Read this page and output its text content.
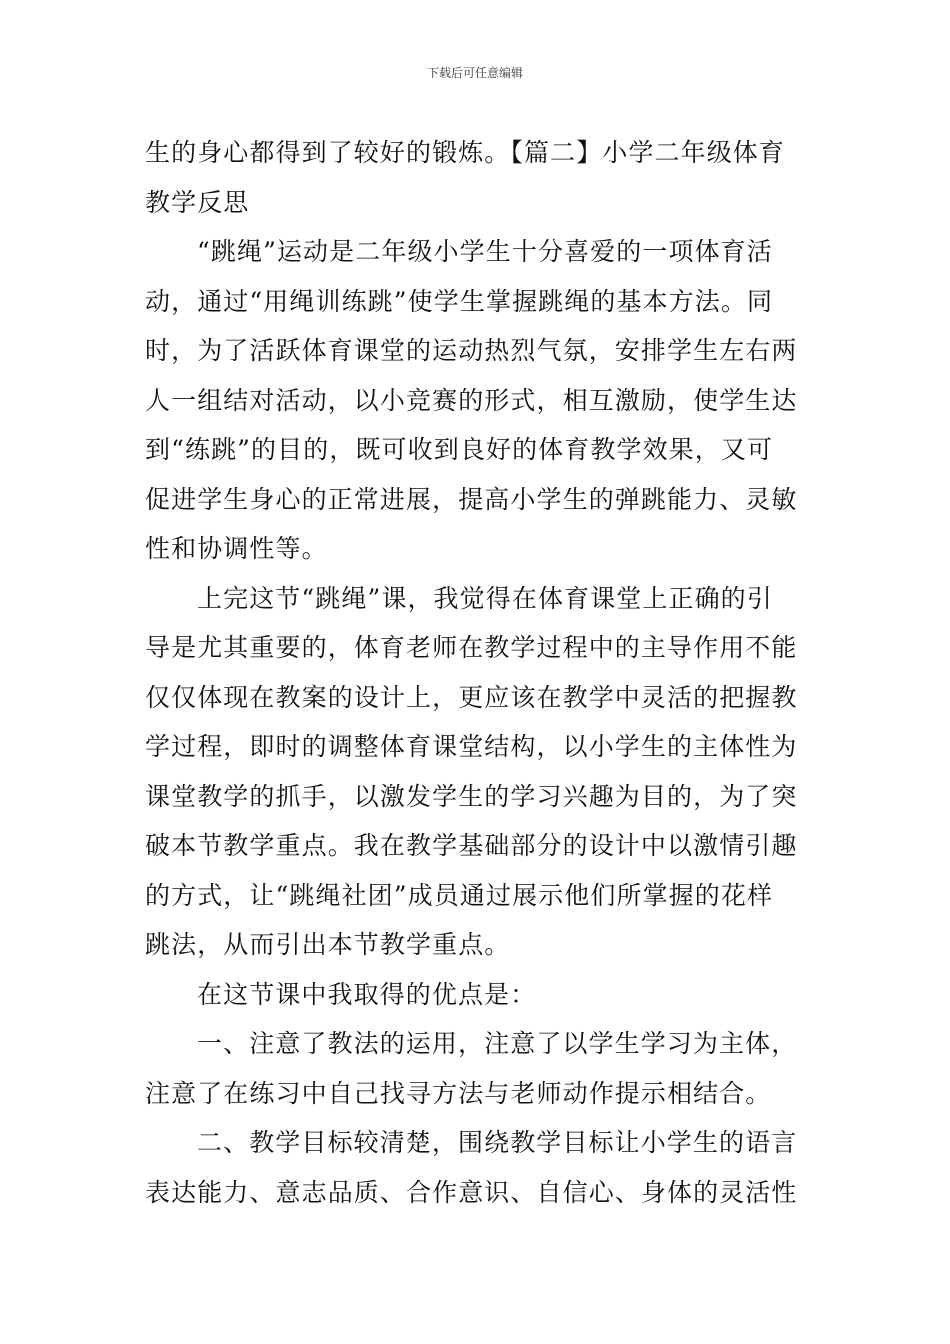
下载后可任意编辑
生的身心都得到了较好的锻炼。【篇二】小学二年级体育
教学反思
“跳绳”运动是二年级小学生十分喜爱的一项体育活
动，通过“用绳训练跳”使学生掌握跳绳的基本方法。同
时，为了活跃体育课堂的运动热烈气氛，安排学生左右两
人一组结对活动，以小竞赛的形式，相互激励，使学生达
到“练跳”的目的，既可收到良好的体育教学效果，又可
促进学生身心的正常进展，提高小学生的弹跳能力、灵敏
性和协调性等。
上完这节“跳绳”课，我觉得在体育课堂上正确的引
导是尤其重要的，体育老师在教学过程中的主导作用不能
仅仅体现在教案的设计上，更应该在教学中灵活的把握教
学过程，即时的调整体育课堂结构，以小学生的主体性为
课堂教学的抓手，以激发学生的学习兴趣为目的，为了突
破本节教学重点。我在教学基础部分的设计中以激情引趣
的方式，让“跳绳社团”成员通过展示他们所掌握的花样
跳法，从而引出本节教学重点。
在这节课中我取得的优点是：
一、注意了教法的运用，注意了以学生学习为主体，
注意了在练习中自己找寻方法与老师动作提示相结合。
二、教学目标较清楚，围绕教学目标让小学生的语言
表达能力、意志品质、合作意识、自信心、身体的灵活性
